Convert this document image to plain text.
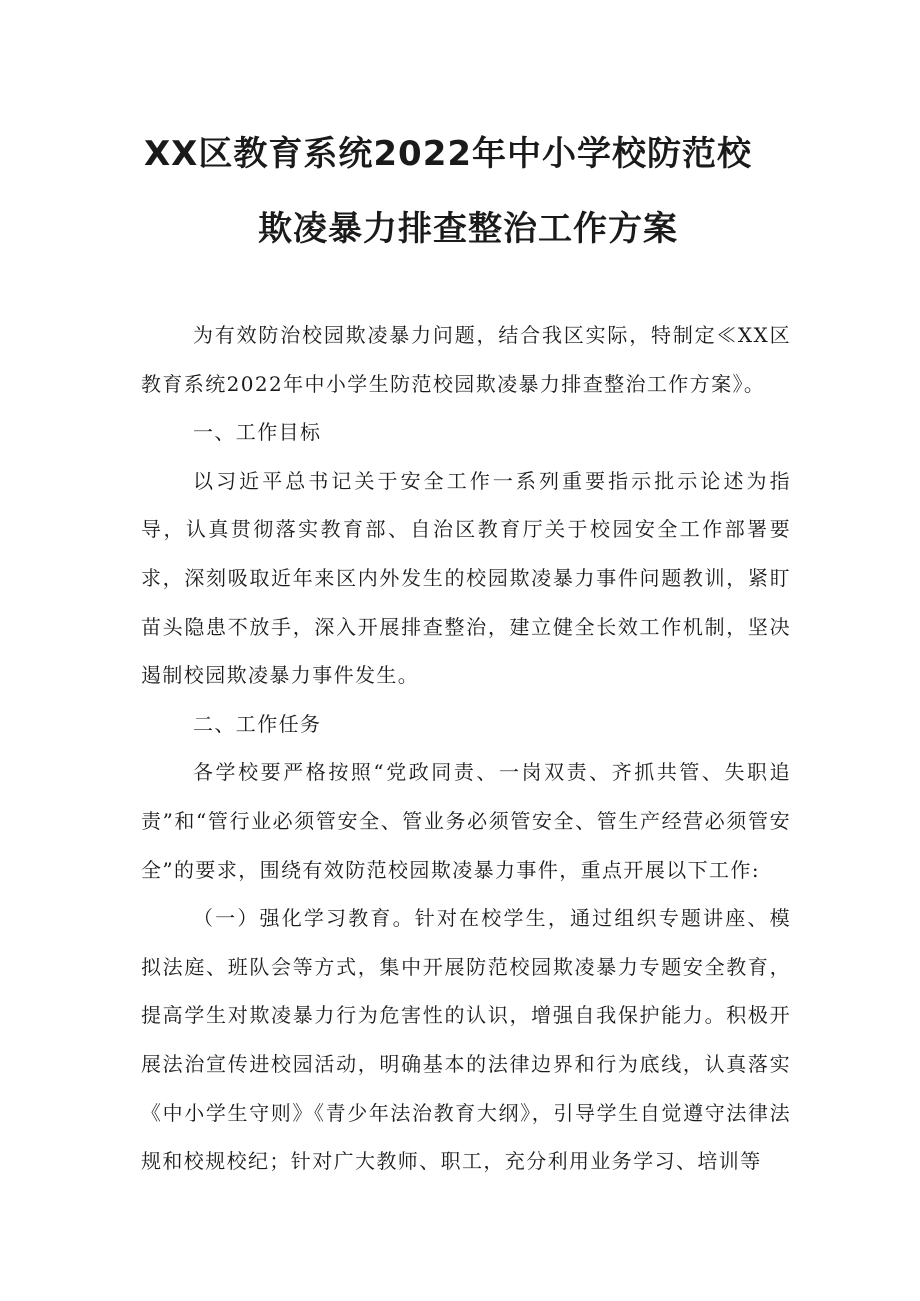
XX区教育系统2022年中小学校防范校
欺凌暴力排查整治工作方案

为有效防治校园欺凌暴力问题，结合我区实际，特制定≪XX区教育系统2022年中小学生防范校园欺凌暴力排查整治工作方案》。

一、工作目标

以习近平总书记关于安全工作一系列重要指示批示论述为指导，认真贯彻落实教育部、自治区教育厅关于校园安全工作部署要求，深刻吸取近年来区内外发生的校园欺凌暴力事件问题教训，紧盯苗头隐患不放手，深入开展排查整治，建立健全长效工作机制，坚决遏制校园欺凌暴力事件发生。

二、工作任务

各学校要严格按照“党政同责、一岗双责、齐抓共管、失职追责”和“管行业必须管安全、管业务必须管安全、管生产经营必须管安全”的要求，围绕有效防范校园欺凌暴力事件，重点开展以下工作:

（一）强化学习教育。针对在校学生，通过组织专题讲座、模拟法庭、班队会等方式，集中开展防范校园欺凌暴力专题安全教育，提高学生对欺凌暴力行为危害性的认识，增强自我保护能力。积极开展法治宣传进校园活动，明确基本的法律边界和行为底线，认真落实《中小学生守则》《青少年法治教育大纲》，引导学生自觉遵守法律法规和校规校纪；针对广大教师、职工，充分利用业务学习、培训等
